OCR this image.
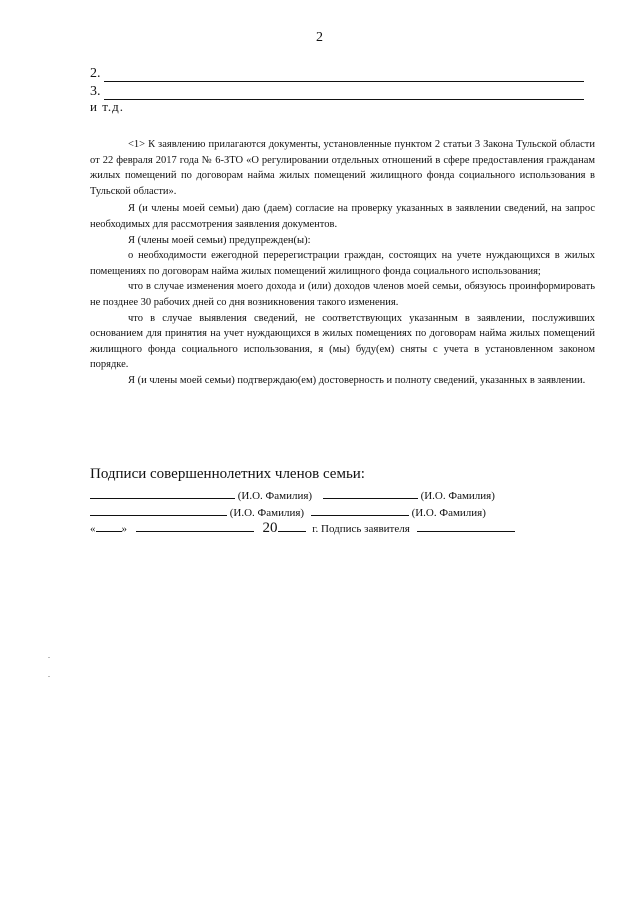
2
2.
3.
и т.д.

<1> К заявлению прилагаются документы, установленные пунктом 2 статьи 3 Закона Тульской области от 22 февраля 2017 года № 6-ЗТО «О регулировании отдельных отношений в сфере предоставления гражданам жилых помещений по договорам найма жилых помещений жилищного фонда социального использования в Тульской области».

Я (и члены моей семьи) даю (даем) согласие на проверку указанных в заявлении сведений, на запрос необходимых для рассмотрения заявления документов.

Я (члены моей семьи) предупрежден(ы):

о необходимости ежегодной перерегистрации граждан, состоящих на учете нуждающихся в жилых помещениях по договорам найма жилых помещений жилищного фонда социального использования;

что в случае изменения моего дохода и (или) доходов членов моей семьи, обязуюсь проинформировать не позднее 30 рабочих дней со дня возникновения такого изменения.

что в случае выявления сведений, не соответствующих указанным в заявлении, послуживших основанием для принятия на учет нуждающихся в жилых помещениях по договорам найма жилых помещений жилищного фонда социального использования, я (мы) буду(ем) сняты с учета в установленном законом порядке.

Я (и члены моей семьи) подтверждаю(ем) достоверность и полноту сведений, указанных в заявлении.

Подписи совершеннолетних членов семьи:
(И.О. Фамилия)	(И.О. Фамилия)
(И.О. Фамилия)	(И.О. Фамилия)
« »	20	г. Подпись заявителя
